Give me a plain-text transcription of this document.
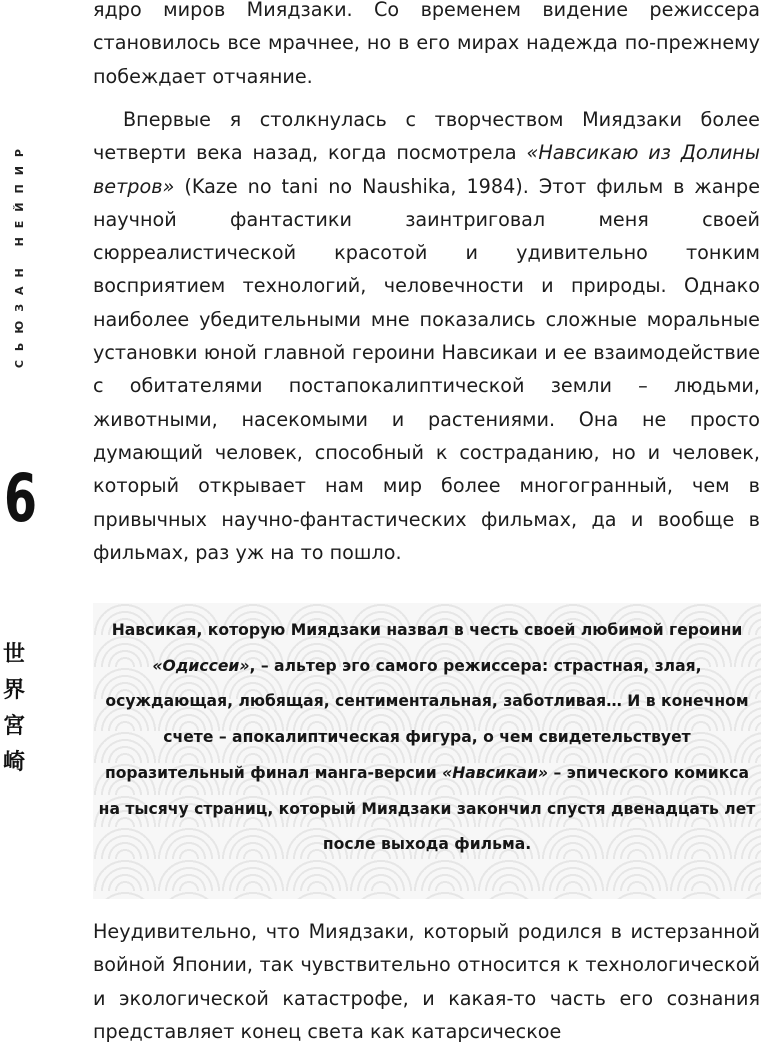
СЬЮЗАН НЕЙПИР
6
世
界
宮
崎

ядро миров Миядзаки. Со временем видение режиссера становилось все мрачнее, но в его мирах надежда по-прежнему побеждает отчаяние.

Впервые я столкнулась с творчеством Миядзаки более четверти века назад, когда посмотрела «Навсикаю из Долины ветров» (Kaze no tani no Naushika, 1984). Этот фильм в жанре научной фантастики заинтриговал меня своей сюрреалистической красотой и удивительно тонким восприятием технологий, человечности и природы. Однако наиболее убедительными мне показались сложные моральные установки юной главной героини Навсикаи и ее взаимодействие с обитателями постапокалиптической земли – людьми, животными, насекомыми и растениями. Она не просто думающий человек, способный к состраданию, но и человек, который открывает нам мир более многогранный, чем в привычных научно-фантастических фильмах, да и вообще в фильмах, раз уж на то пошло.

Навсикая, которую Миядзаки назвал в честь своей любимой героини «Одиссеи», – альтер эго самого режиссера: страстная, злая, осуждающая, любящая, сентиментальная, заботливая… И в конечном счете – апокалиптическая фигура, о чем свидетельствует поразительный финал манга-версии «Навсикаи» – эпического комикса на тысячу страниц, который Миядзаки закончил спустя двенадцать лет после выхода фильма.

Неудивительно, что Миядзаки, который родился в истерзанной войной Японии, так чувствительно относится к технологической и экологической катастрофе, и какая-то часть его сознания представляет конец света как катарсическое
